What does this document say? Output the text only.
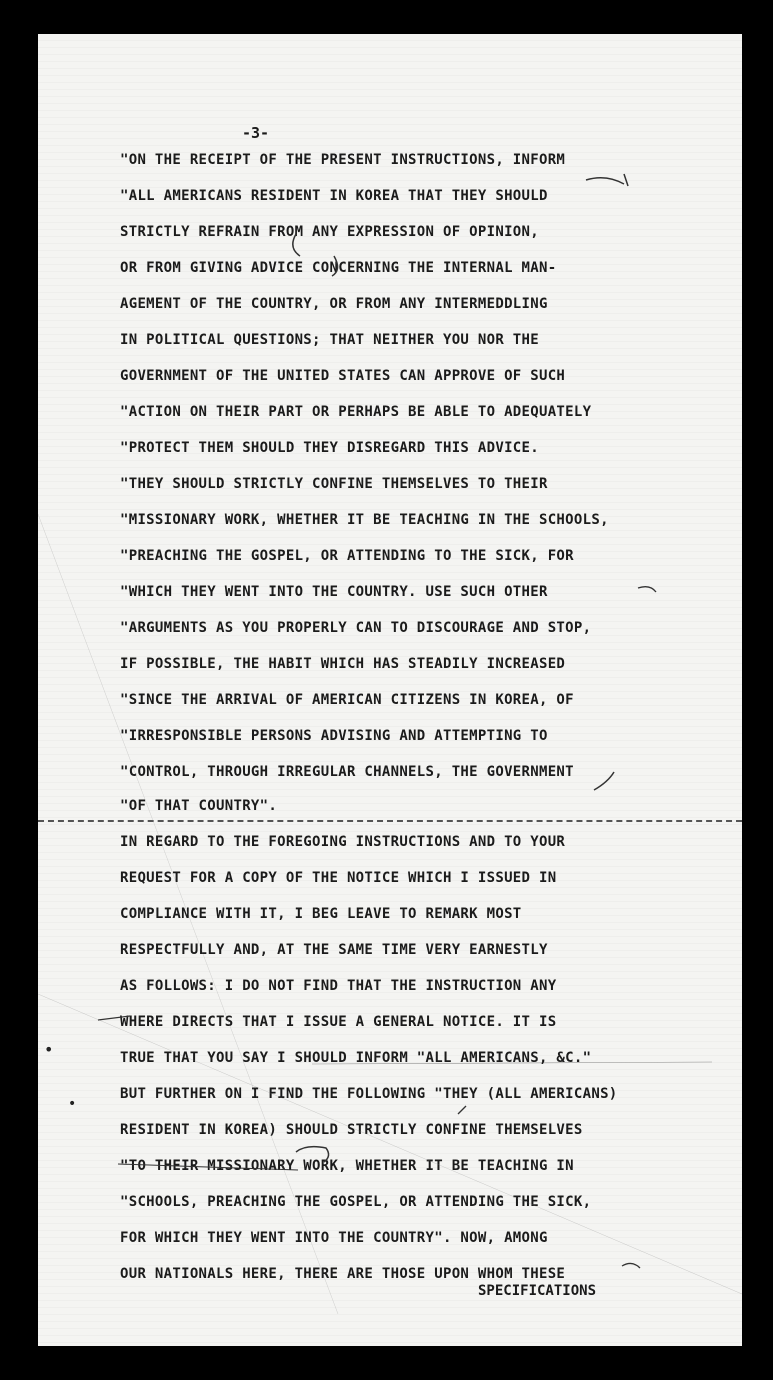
-3-
"ON THE RECEIPT OF THE PRESENT INSTRUCTIONS, INFORM
"ALL AMERICANS RESIDENT IN KOREA THAT THEY SHOULD
STRICTLY REFRAIN FROM ANY EXPRESSION OF OPINION,
OR FROM GIVING ADVICE CONCERNING THE INTERNAL MAN-
AGEMENT OF THE COUNTRY, OR FROM ANY INTERMEDDLING
IN POLITICAL QUESTIONS; THAT NEITHER YOU NOR THE
GOVERNMENT OF THE UNITED STATES CAN APPROVE OF SUCH
"ACTION ON THEIR PART OR PERHAPS BE ABLE TO ADEQUATELY
"PROTECT THEM SHOULD THEY DISREGARD THIS ADVICE.
"THEY SHOULD STRICTLY CONFINE THEMSELVES TO THEIR
"MISSIONARY WORK, WHETHER IT BE TEACHING IN THE SCHOOLS,
"PREACHING THE GOSPEL, OR ATTENDING TO THE SICK, FOR
"WHICH THEY WENT INTO THE COUNTRY. USE SUCH OTHER
"ARGUMENTS AS YOU PROPERLY CAN TO DISCOURAGE AND STOP,
IF POSSIBLE, THE HABIT WHICH HAS STEADILY INCREASED
"SINCE THE ARRIVAL OF AMERICAN CITIZENS IN KOREA, OF
"IRRESPONSIBLE PERSONS ADVISING AND ATTEMPTING TO
"CONTROL, THROUGH IRREGULAR CHANNELS, THE GOVERNMENT
"OF THAT COUNTRY".
IN REGARD TO THE FOREGOING INSTRUCTIONS AND TO YOUR
REQUEST FOR A COPY OF THE NOTICE WHICH I ISSUED IN
COMPLIANCE WITH IT, I BEG LEAVE TO REMARK MOST
RESPECTFULLY AND, AT THE SAME TIME VERY EARNESTLY
AS FOLLOWS: I DO NOT FIND THAT THE INSTRUCTION ANY
WHERE DIRECTS THAT I ISSUE A GENERAL NOTICE. IT IS
TRUE THAT YOU SAY I SHOULD INFORM "ALL AMERICANS, &C."
BUT FURTHER ON I FIND THE FOLLOWING "THEY (ALL AMERICANS)
RESIDENT IN KOREA) SHOULD STRICTLY CONFINE THEMSELVES
"TO THEIR MISSIONARY WORK, WHETHER IT BE TEACHING IN
"SCHOOLS, PREACHING THE GOSPEL, OR ATTENDING THE SICK,
FOR WHICH THEY WENT INTO THE COUNTRY". NOW, AMONG
OUR NATIONALS HERE, THERE ARE THOSE UPON WHOM THESE
SPECIFICATIONS
•
•
